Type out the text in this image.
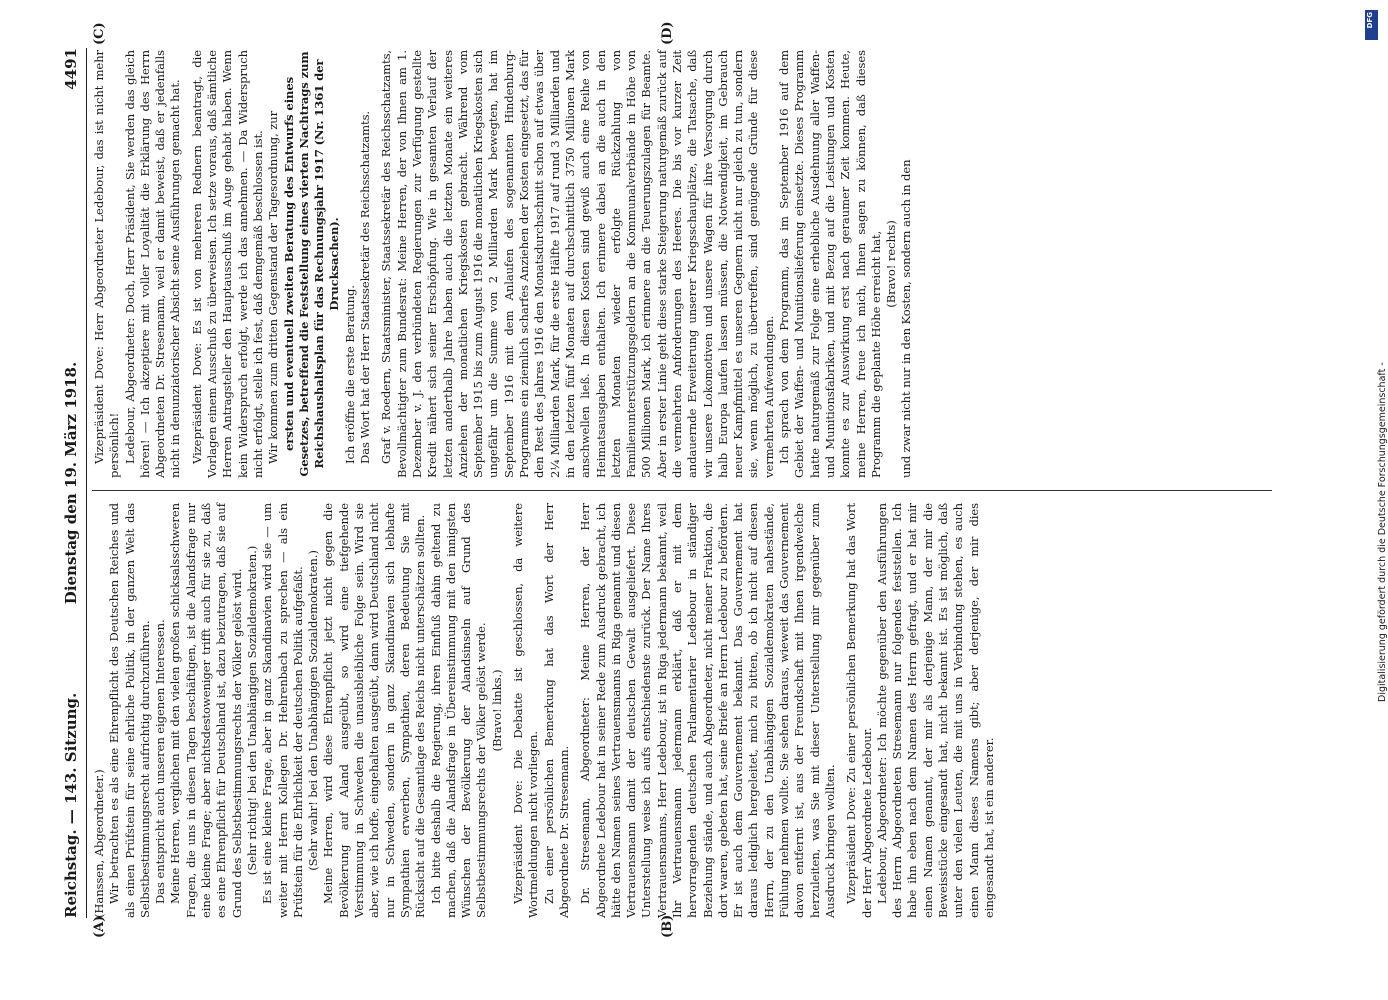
Reichstag. — 143. Sitzung.
Dienstag den 19. März 1918.
4491
(A)	(B)
(C)	(D)

(Hanssen, Abgeordneter.) Wir betrachten es als eine Ehrenpflicht des Deutschen Reiches und als einen Prüfstein für seine ehrliche Politik, in der ganzen Welt das Selbstbestimmungsrecht aufrichtig durchzuführen. Das entspricht auch unseren eigenen Interessen. Meine Herren, verglichen mit den vielen großen schicksalsschweren Fragen, die uns in diesen Tagen beschäftigen, ist die Alandsfrage nur eine kleine Frage; aber nichtsdestoweniger trifft auch für sie zu, daß es eine Ehrenpflicht für Deutschland ist, dazu beizutragen, daß sie auf Grund des Selbstbestimmungsrechts der Völker gelöst wird. (Sehr richtig! bei den Unabhängigen Sozialdemokraten.) Es ist eine kleine Frage, aber in ganz Skandinavien wird sie — um weiter mit Herrn Kollegen Dr. Hehrenbach zu sprechen — als ein Prüfstein für die Ehrlichkeit der deutschen Politik aufgefaßt. (Sehr wahr! bei den Unabhängigen Sozialdemokraten.) Meine Herren, wird diese Ehrenpflicht jetzt nicht gegen die Bevölkerung auf Aland ausgeübt, so wird eine tiefgehende Verstimmung in Schweden die unausbleibliche Folge sein. Wird sie aber, wie ich hoffe, eingehalten ausgeübt, dann wird Deutschland nicht nur in Schweden, sondern in ganz Skandinavien sich lebhafte Sympathien erwerben, Sympathien, deren Bedeutung Sie mit Rücksicht auf die Gesamtlage des Reichs nicht unterschätzen sollten. Ich bitte deshalb die Regierung, ihren Einfluß dahin geltend zu machen, daß die Alandsfrage in Übereinstimmung mit den innigsten Wünschen der Bevölkerung der Alandsinseln auf Grund des Selbstbestimmungsrechts der Völker gelöst werde. (Bravo! links.) Vizepräsident Dove: Die Debatte ist geschlossen, da weitere Wortmeldungen nicht vorliegen. Zu einer persönlichen Bemerkung hat das Wort der Herr Abgeordnete Dr. Stresemann. Dr. Stresemann, Abgeordneter: Meine Herren, der Herr Abgeordnete Ledebour hat in seiner Rede zum Ausdruck gebracht, ich hätte den Namen seines Vertrauensmanns in Riga genannt und diesen Vertrauensmann damit der deutschen Gewalt ausgeliefert. Diese Unterstellung weise ich aufs entschiedenste zurück. Der Name Ihres Vertrauensmanns, Herr Ledebour, ist in Riga jedermann bekannt, weil Ihr Vertrauensmann jedermann erklärt, daß er mit dem hervorragenden deutschen Parlamentarier Ledebour in ständiger Beziehung stände, und auch Abgeordneter, nicht meiner Fraktion, die dort waren, gebeten hat, seine Briefe an Herrn Ledebour zu befördern. Er ist auch dem Gouvernement bekannt. Das Gouvernement hat daraus lediglich hergeleitet, mich zu bitten, ob ich nicht auf diesen Herrn, der zu den Unabhängigen Sozialdemokraten nahestände, Fühlung nehmen wollte. Sie sehen daraus, wieweit das Gouvernement davon entfernt ist, aus der Freundschaft mit Ihnen irgendwelche herzuleiten, was Sie mit dieser Unterstellung mir gegenüber zum Ausdruck bringen wollten. Vizepräsident Dove: Zu einer persönlichen Bemerkung hat das Wort der Herr Abgeordnete Ledebour. Ledebour, Abgeordneter: Ich möchte gegenüber den Ausführungen des Herrn Abgeordneten Stresemann nur folgendes feststellen. Ich habe ihn eben nach dem Namen des Herrn gefragt, und er hat mir einen Namen genannt, der mir als derjenige Mann, der mir die Beweisstücke eingesandt hat, nicht bekannt ist. Es ist möglich, daß unter den vielen Leuten, die mit uns in Verbindung stehen, es auch einen Mann dieses Namens gibt; aber derjenige, der mir dies eingesandt hat, ist ein anderer.

Vizepräsident Dove: Herr Abgeordneter Ledebour, das ist nicht mehr persönlich! Ledebour, Abgeordneter: Doch, Herr Präsident, Sie werden das gleich hören! — Ich akzeptiere mit voller Loyalität die Erklärung des Herrn Abgeordneten Dr. Stresemann, weil er damit beweist, daß er jedenfalls nicht in denunziatorischer Absicht seine Ausführungen gemacht hat. Vizepräsident Dove: Es ist von mehreren Rednern beantragt, die Vorlagen einem Ausschuß zu überweisen. Ich setze voraus, daß sämtliche Herren Antragsteller den Hauptausschuß im Auge gehabt haben. Wenn kein Widerspruch erfolgt, werde ich das annehmen. — Da Widerspruch nicht erfolgt, stelle ich fest, daß demgemäß beschlossen ist. Wir kommen zum dritten Gegenstand der Tagesordnung, zur ersten und eventuell zweiten Beratung des Entwurfs eines Gesetzes, betreffend die Feststellung eines vierten Nachtrags zum Reichshaushaltsplan für das Rechnungsjahr 1917 (Nr. 1361 der Drucksachen).

Ich eröffne die erste Beratung. Das Wort hat der Herr Staatssekretär des Reichsschatzamts. Graf v. Roedern, Staatsminister, Staatssekretär des Reichsschatzamts, Bevollmächtigter zum Bundesrat: Meine Herren, der von Ihnen am 1. Dezember v. J. den verbündeten Regierungen zur Verfügung gestellte Kredit nähert sich seiner Erschöpfung. Wie in gesamten Verlauf der letzten anderthalb Jahre haben auch die letzten Monate ein weiteres Anziehen der monatlichen Kriegskosten gebracht. Während vom September 1915 bis zum August 1916 die monatlichen Kriegskosten sich ungefähr um die Summe von 2 Milliarden Mark bewegten, hat im September 1916 mit dem Anlaufen des sogenannten Hindenburg-Programms ein ziemlich scharfes Anziehen der Kosten eingesetzt, das für den Rest des Jahres 1916 den Monatsdurchschnitt schon auf etwas über 2¼ Milliarden Mark, für die erste Hälfte 1917 auf rund 3 Milliarden und in den letzten fünf Monaten auf durchschnittlich 3750 Millionen Mark anschwellen ließ. In diesen Kosten sind gewiß auch eine Reihe von Heimatsausgaben enthalten. Ich erinnere dabei an die auch in den letzten Monaten wieder erfolgte Rückzahlung von Familienunterstützungsgeldern an die Kommunalverbände in Höhe von 500 Millionen Mark, ich erinnere an die Teuerungszulagen für Beamte. Aber in erster Linie geht diese starke Steigerung naturgemäß zurück auf die vermehrten Anforderungen des Heeres. Die bis vor kurzer Zeit andauernde Erweiterung unserer Kriegsschauplätze, die Tatsache, daß wir unsere Lokomotiven und unsere Wagen für ihre Versorgung durch halb Europa laufen lassen müssen, die Notwendigkeit, im Gebrauch neuer Kampfmittel es unseren Gegnern nicht nur gleich zu tun, sondern sie, wenn möglich, zu übertreffen, sind genügende Gründe für diese vermehrten Aufwendungen. Ich sprach von dem Programm, das im September 1916 auf dem Gebiet der Waffen- und Munitionslieferung einsetzte. Dieses Programm hatte naturgemäß zur Folge eine erhebliche Ausdehnung aller Waffen- und Munitionsfabriken, und mit Bezug auf die Leistungen und Kosten konnte es zur Auswirkung erst nach geraumer Zeit kommen. Heute, meine Herren, freue ich mich, Ihnen sagen zu können, daß dieses Programm die geplante Höhe erreicht hat, (Bravo! rechts) und zwar nicht nur in den Kosten, sondern auch in den

DFG
Digitalisierung gefördert durch die Deutsche Forschungsgemeinschaft -
